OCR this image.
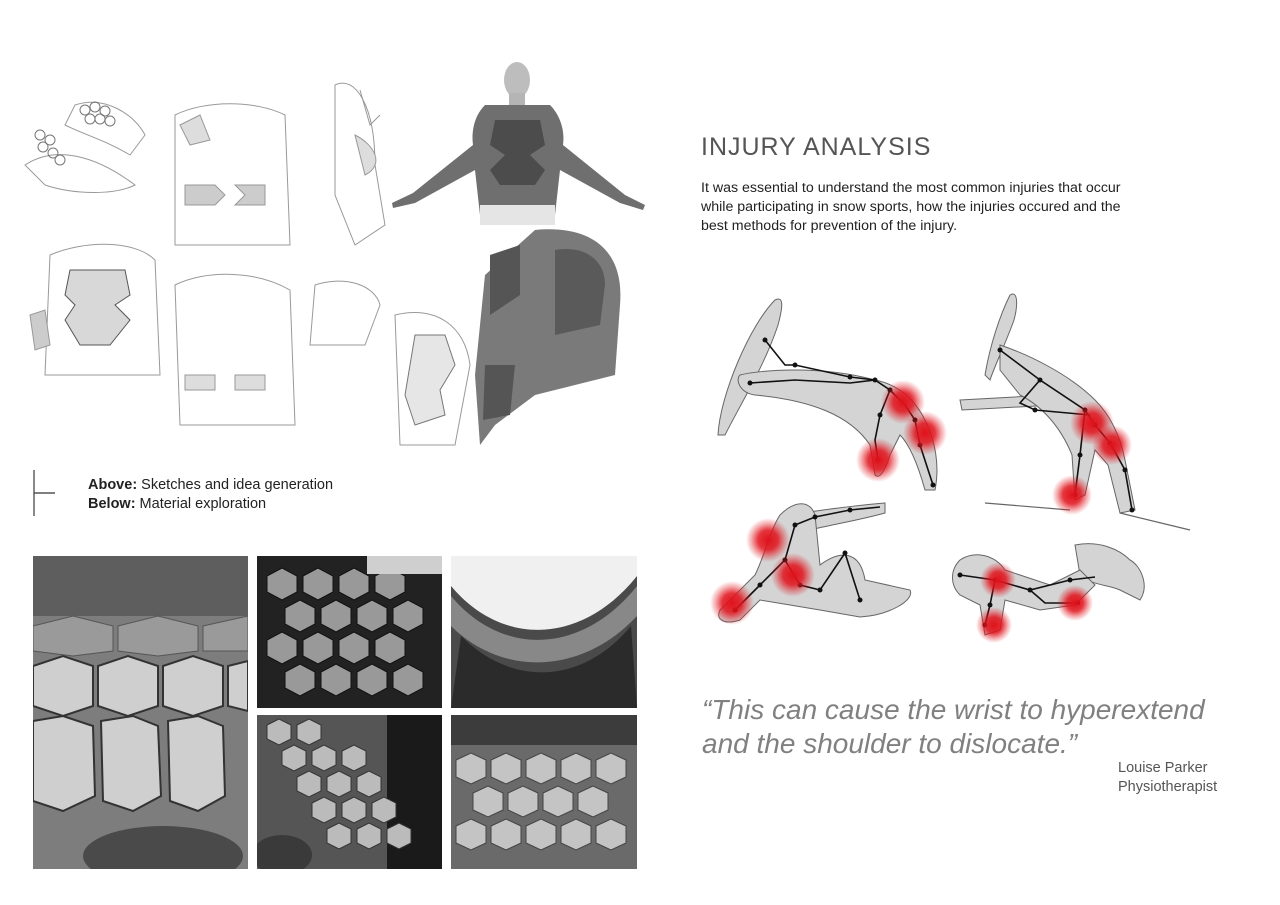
Above: Sketches and idea generation
Below: Material exploration
INJURY ANALYSIS

It was essential to understand the most common injuries that occur while participating in snow sports, how the injuries occured and the best methods for prevention of the injury.

“This can cause the wrist to hyperextend and the shoulder to dislocate.”

Louise Parker
Physiotherapist
